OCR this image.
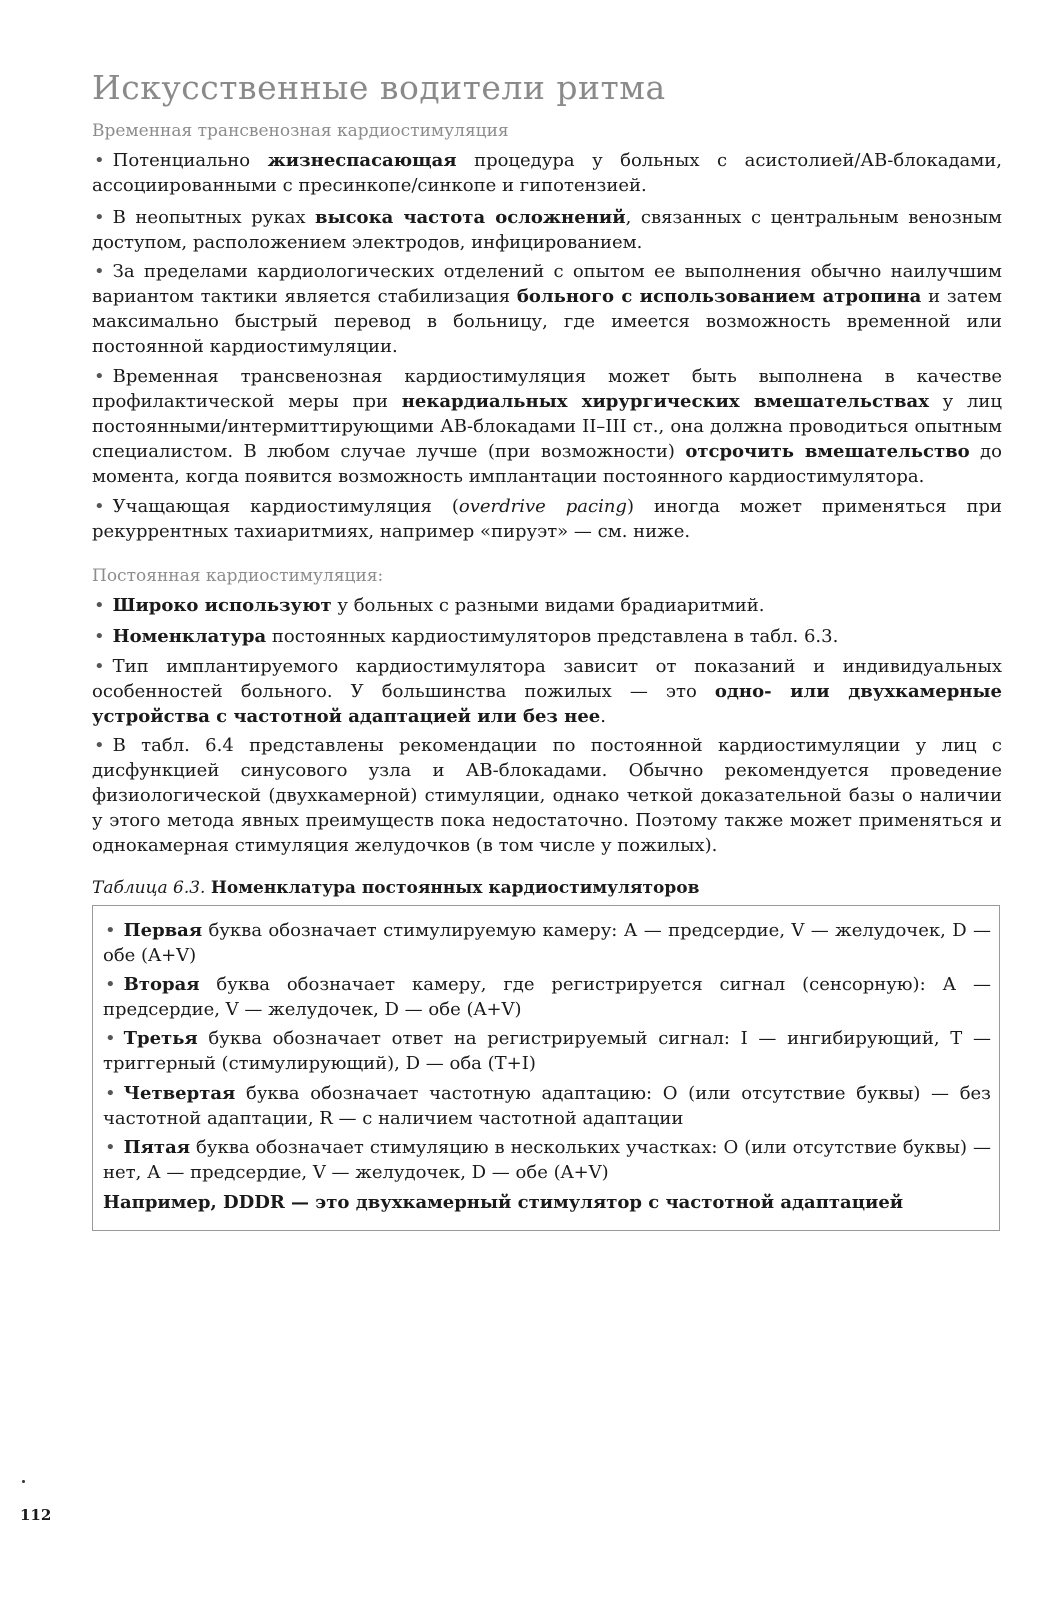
Искусственные водители ритма
Временная трансвенозная кардиостимуляция

• Потенциально жизнеспасающая процедура у больных с асистолией/АВ-блокадами, ассоциированными с пресинкопе/синкопе и гипотензией.

• В неопытных руках высока частота осложнений, связанных с центральным венозным доступом, расположением электродов, инфицированием.

• За пределами кардиологических отделений с опытом ее выполнения обычно наилучшим вариантом тактики является стабилизация больного с использованием атропина и затем максимально быстрый перевод в больницу, где имеется возможность временной или постоянной кардиостимуляции.

• Временная трансвенозная кардиостимуляция может быть выполнена в качестве профилактической меры при некардиальных хирургических вмешательствах у лиц постоянными/интермиттирующими АВ-блокадами II–III ст., она должна проводиться опытным специалистом. В любом случае лучше (при возможности) отсрочить вмешательство до момента, когда появится возможность имплантации постоянного кардиостимулятора.

• Учащающая кардиостимуляция (overdrive pacing) иногда может применяться при рекуррентных тахиаритмиях, например «пируэт» — см. ниже.

Постоянная кардиостимуляция:

• Широко используют у больных с разными видами брадиаритмий.

• Номенклатура постоянных кардиостимуляторов представлена в табл. 6.3.

• Тип имплантируемого кардиостимулятора зависит от показаний и индивидуальных особенностей больного. У большинства пожилых — это одно- или двухкамерные устройства с частотной адаптацией или без нее.

• В табл. 6.4 представлены рекомендации по постоянной кардиостимуляции у лиц с дисфункцией синусового узла и АВ-блокадами. Обычно рекомендуется проведение физиологической (двухкамерной) стимуляции, однако четкой доказательной базы о наличии у этого метода явных преимуществ пока недостаточно. Поэтому также может применяться и однокамерная стимуляция желудочков (в том числе у пожилых).

Таблица 6.3. Номенклатура постоянных кардиостимуляторов

• Первая буква обозначает стимулируемую камеру: А — предсердие, V — желудочек, D — обе (A+V)

• Вторая буква обозначает камеру, где регистрируется сигнал (сенсорную): А — предсердие, V — желудочек, D — обе (A+V)

• Третья буква обозначает ответ на регистрируемый сигнал: I — ингибирующий, T — триггерный (стимулирующий), D — оба (T+I)

• Четвертая буква обозначает частотную адаптацию: О (или отсутствие буквы) — без частотной адаптации, R — с наличием частотной адаптации

• Пятая буква обозначает стимуляцию в нескольких участках: О (или отсутствие буквы) — нет, А — предсердие, V — желудочек, D — обе (A+V)

Например, DDDR — это двухкамерный стимулятор с частотной адаптацией
112
